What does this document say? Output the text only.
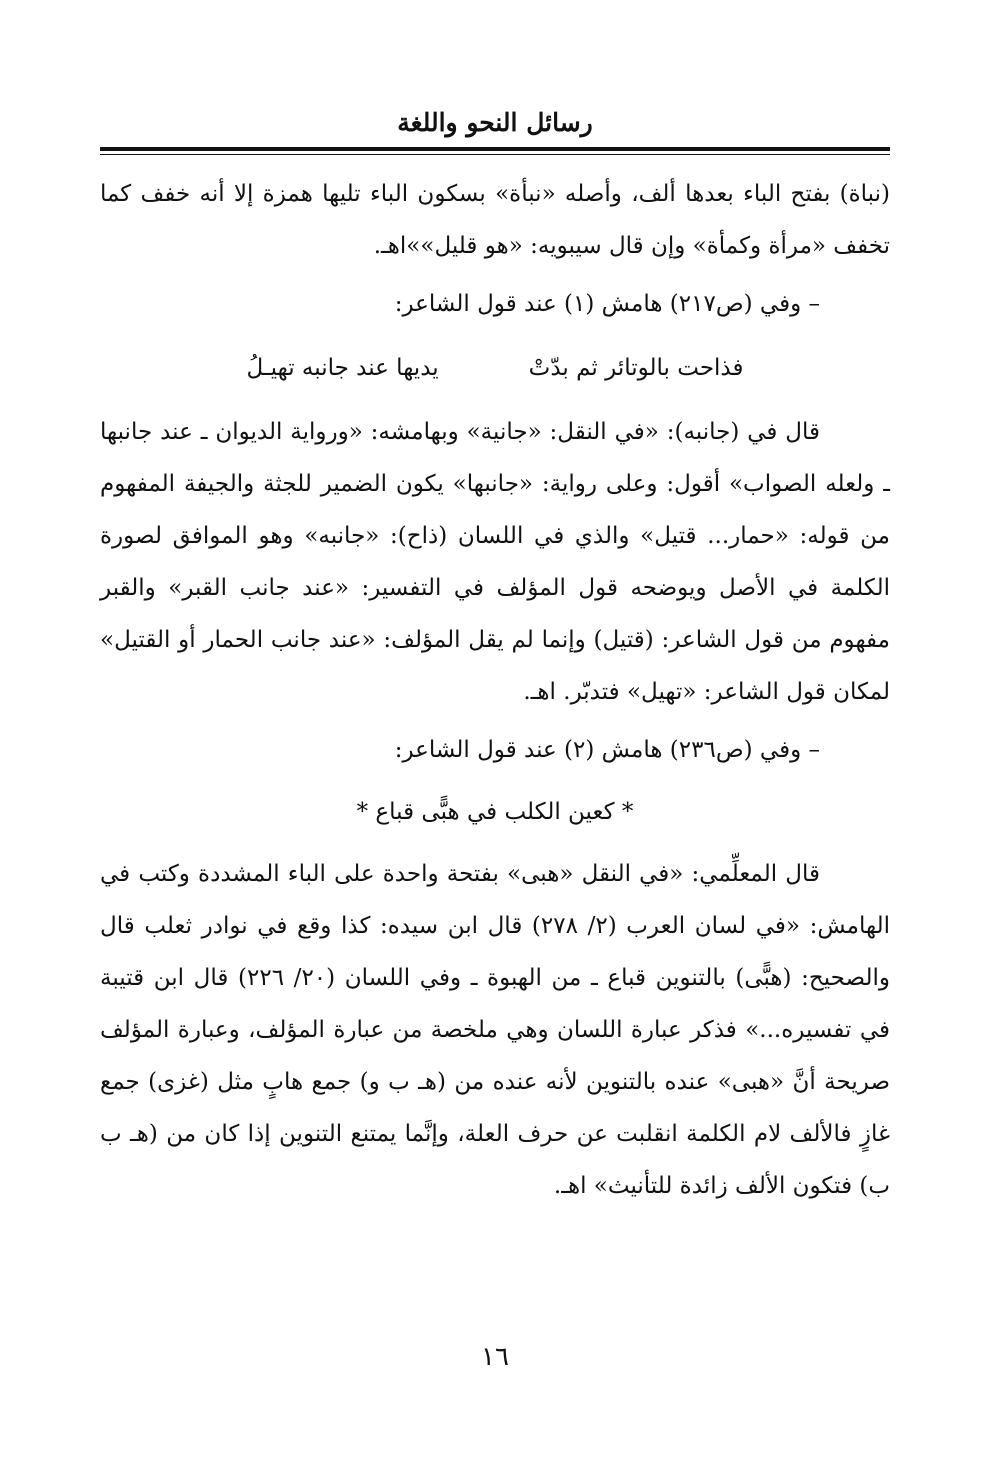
رسائل النحو واللغة

(نباة) بفتح الباء بعدها ألف، وأصله «نبأة» بسكون الباء تليها همزة إلا أنه خفف كما تخفف «مرأة وكمأة» وإن قال سيبويه: «هو قليل»»اهـ.

– وفي (ص٢١٧) هامش (١) عند قول الشاعر:

فذاحت بالوتائر ثم بدّتْ
يديها عند جانبه تهيـلُ

قال في (جانبه): «في النقل: «جانية» وبهامشه: «ورواية الديوان ـ عند جانبها ـ ولعله الصواب» أقول: وعلى رواية: «جانبها» يكون الضمير للجثة والجيفة المفهوم من قوله: «حمار... قتيل» والذي في اللسان (ذاح): «جانبه» وهو الموافق لصورة الكلمة في الأصل ويوضحه قول المؤلف في التفسير: «عند جانب القبر» والقبر مفهوم من قول الشاعر: (قتيل) وإنما لم يقل المؤلف: «عند جانب الحمار أو القتيل» لمكان قول الشاعر: «تهيل» فتدبّر. اهـ.

– وفي (ص٢٣٦) هامش (٢) عند قول الشاعر:

* كعين الكلب في هبًّى قباع *

قال المعلِّمي: «في النقل «هبى» بفتحة واحدة على الباء المشددة وكتب في الهامش: «في لسان العرب (٢/ ٢٧٨) قال ابن سيده: كذا وقع في نوادر ثعلب قال والصحيح: (هبًّى) بالتنوين قباع ـ من الهبوة ـ وفي اللسان (٢٠/ ٢٢٦) قال ابن قتيبة في تفسيره...» فذكر عبارة اللسان وهي ملخصة من عبارة المؤلف، وعبارة المؤلف صريحة أنَّ «هبى» عنده بالتنوين لأنه عنده من (هـ ب و) جمع هابٍ مثل (غزى) جمع غازٍ فالألف لام الكلمة انقلبت عن حرف العلة، وإنَّما يمتنع التنوين إذا كان من (هـ ب ب) فتكون الألف زائدة للتأنيث» اهـ.

١٦
